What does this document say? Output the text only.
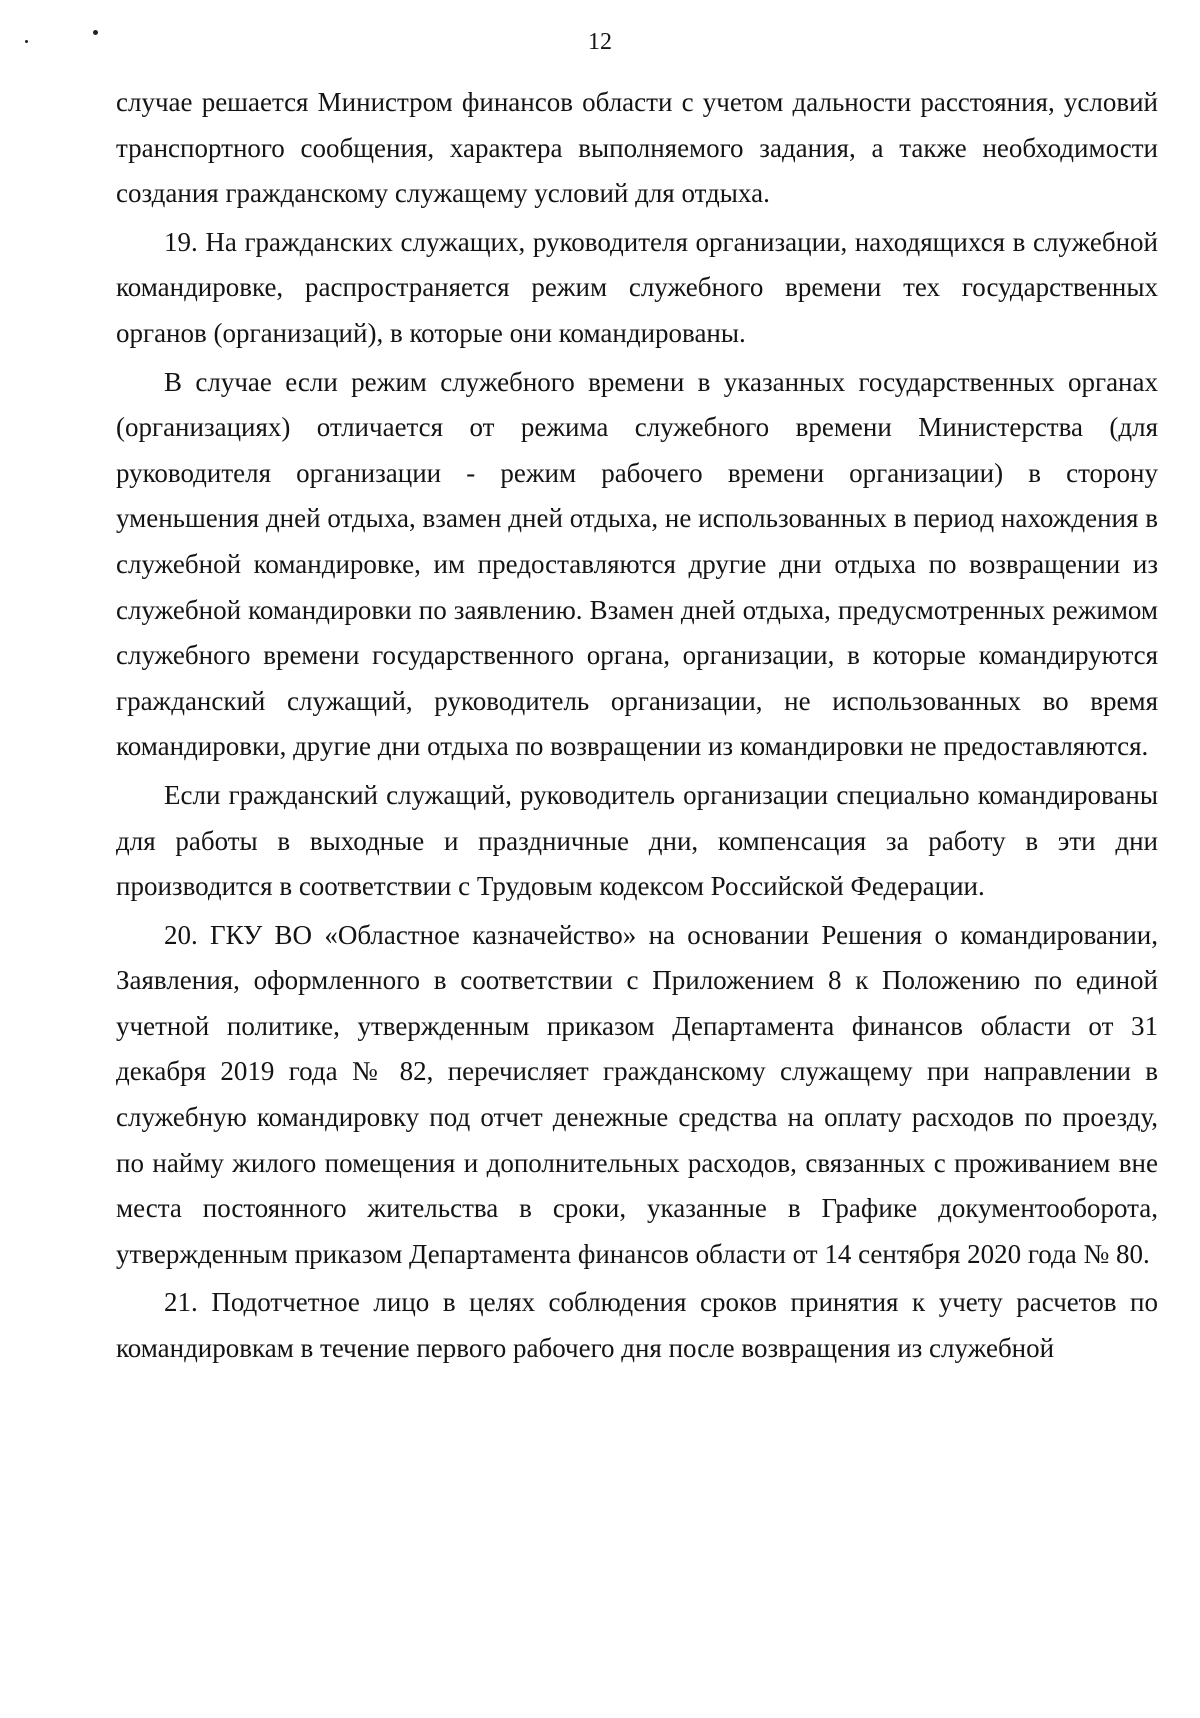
12

случае решается Министром финансов области с учетом дальности расстояния, условий транспортного сообщения, характера выполняемого задания, а также необходимости создания гражданскому служащему условий для отдыха.

19. На гражданских служащих, руководителя организации, находящихся в служебной командировке, распространяется режим служебного времени тех государственных органов (организаций), в которые они командированы.

В случае если режим служебного времени в указанных государственных органах (организациях) отличается от режима служебного времени Министерства (для руководителя организации - режим рабочего времени организации) в сторону уменьшения дней отдыха, взамен дней отдыха, не использованных в период нахождения в служебной командировке, им предоставляются другие дни отдыха по возвращении из служебной командировки по заявлению. Взамен дней отдыха, предусмотренных режимом служебного времени государственного органа, организации, в которые командируются гражданский служащий, руководитель организации, не использованных во время командировки, другие дни отдыха по возвращении из командировки не предоставляются.

Если гражданский служащий, руководитель организации специально командированы для работы в выходные и праздничные дни, компенсация за работу в эти дни производится в соответствии с Трудовым кодексом Российской Федерации.

20. ГКУ ВО «Областное казначейство» на основании Решения о командировании, Заявления, оформленного в соответствии с Приложением 8 к Положению по единой учетной политике, утвержденным приказом Департамента финансов области от 31 декабря 2019 года № 82, перечисляет гражданскому служащему при направлении в служебную командировку под отчет денежные средства на оплату расходов по проезду, по найму жилого помещения и дополнительных расходов, связанных с проживанием вне места постоянного жительства в сроки, указанные в Графике документооборота, утвержденным приказом Департамента финансов области от 14 сентября 2020 года № 80.

21. Подотчетное лицо в целях соблюдения сроков принятия к учету расчетов по командировкам в течение первого рабочего дня после возвращения из служебной
